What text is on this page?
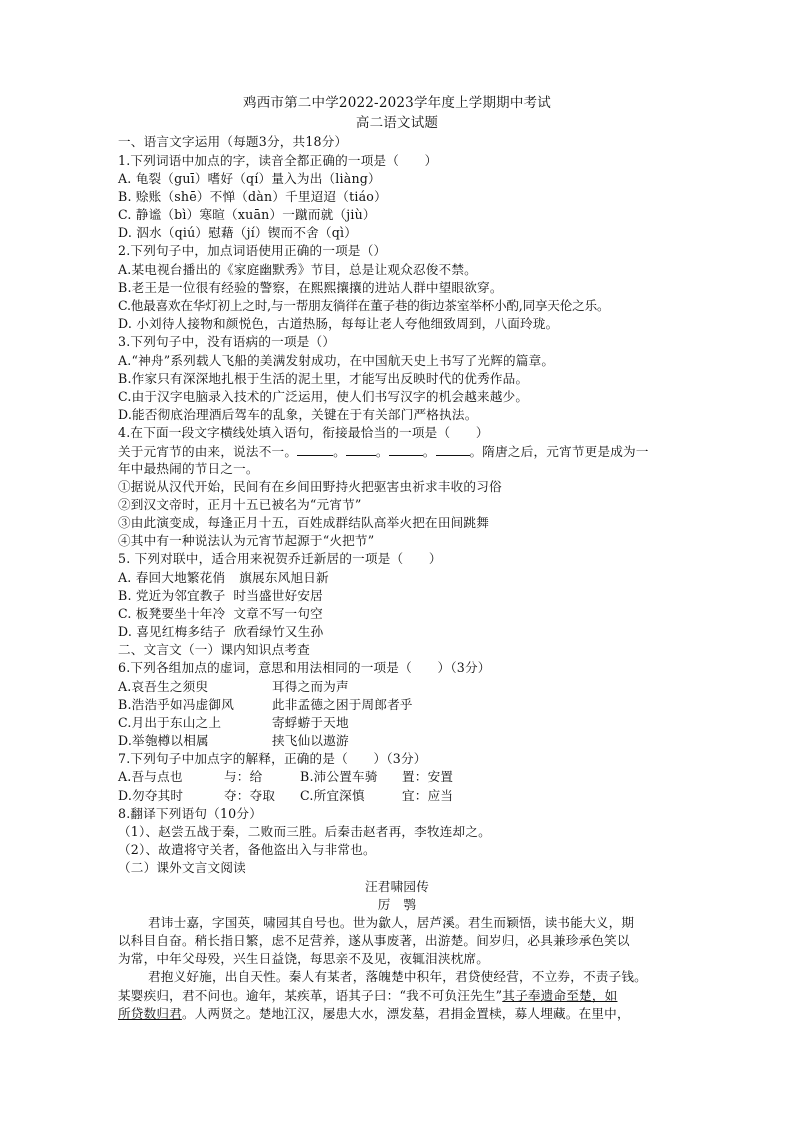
鸡西市第二中学2022-2023学年度上学期期中考试
高二语文试题
一、语言文字运用（每题3分，共18分）
1.下列词语中加点的字，读音全都正确的一项是（　　）
A. 龟裂（guī）嗜好（qí）量入为出（liàng）
B. 赊账（shē）不惮（dàn）千里迢迢（tiáo）
C. 静谧（bì）寒暄（xuān）一蹴而就（jiù）
D. 泅水（qiú）慰藉（jí）锲而不舍（qì）
2.下列句子中，加点词语使用正确的一项是（）
A.某电视台播出的《家庭幽默秀》节目，总是让观众忍俊不禁。
B.老王是一位很有经验的警察，在熙熙攘攘的进站人群中望眼欲穿。
C.他最喜欢在华灯初上之时,与一帮朋友徜徉在董子巷的街边茶室举杯小酌,同享天伦之乐。
D. 小刘待人接物和颜悦色，古道热肠，每每让老人夸他细致周到，八面玲珑。
3.下列句子中，没有语病的一项是（）
A.“神舟”系列载人飞船的美满发射成功，在中国航天史上书写了光辉的篇章。
B.作家只有深深地扎根于生活的泥土里，才能写出反映时代的优秀作品。
C.由于汉字电脑录入技术的广泛运用，使人们书写汉字的机会越来越少。
D.能否彻底治理酒后驾车的乱象，关键在于有关部门严格执法。
4.在下面一段文字横线处填入语句，衔接最恰当的一项是（　　）
关于元宵节的由来，说法不一。	。 。	。	。隋唐之后，元宵节更是成为一
年中最热闹的节日之一。
①据说从汉代开始，民间有在乡间田野持火把驱害虫祈求丰收的习俗
②到汉文帝时，正月十五已被名为“元宵节”
③由此演变成，每逢正月十五，百姓成群结队高举火把在田间跳舞
④其中有一种说法认为元宵节起源于“火把节”
5. 下列对联中，适合用来祝贺乔迁新居的一项是（　　）
A. 春回大地繁花俏 旗展东风旭日新
B. 党近为邻宜教子 时当盛世好安居
C. 板凳要坐十年冷 文章不写一句空
D. 喜见红梅多结子 欣看绿竹又生孙
二、文言文（一）课内知识点考查
6.下列各组加点的虚词，意思和用法相同的一项是（　　）（3分）
A.哀吾生之须臾	耳得之而为声
B.浩浩乎如冯虚御风	此非孟德之困于周郎者乎
C.月出于东山之上	寄蜉蝣于天地
D.举匏樽以相属	挟飞仙以遨游
7.下列句子中加点字的解释，正确的是（　　）（3分）
A.吾与点也	与：给	B.沛公置车骑 置：安置
D.勿夺其时	夺：夺取 C.所宜深慎	宜：应当
8.翻译下列语句（10分）
（1）、赵尝五战于秦，二败而三胜。后秦击赵者再，李牧连却之。
（2）、故遣将守关者，备他盗出入与非常也。
（二）课外文言文阅读
汪君啸园传
厉　鹗
君讳士嘉，字国英，啸园其自号也。世为歙人，居芦溪。君生而颖悟，读书能大义，期
以科目自奋。稍长指日繁，虑不足营养，遂从事废著，出游楚。间岁归，必具兼珍承色笑以
为常，中年父母殁，兴生日益饶，每思亲不及见，夜辄泪浃枕席。
君抱义好施，出自天性。秦人有某者，落魄楚中积年，君贷使经营，不立券，不责子钱。
某婴疾归，君不问也。逾年，某疾革，语其子曰：“我不可负汪先生”其子奉遗命至楚，如
所贷数归君。人两贤之。楚地江汉，屡患大水，漂发墓，君捐金置椟，募人埋藏。在里中，
